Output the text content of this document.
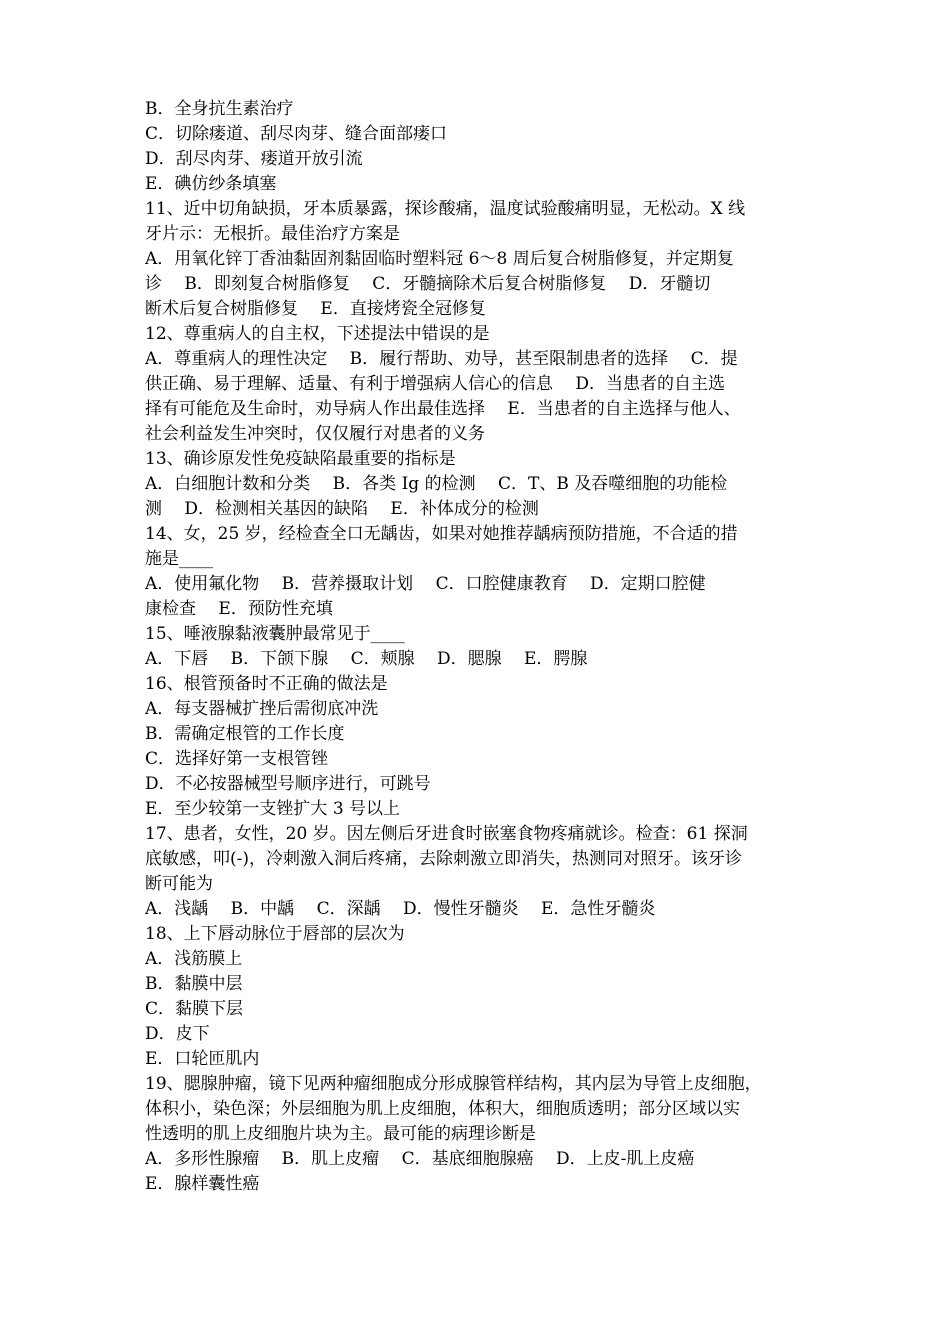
B．全身抗生素治疗
C．切除瘘道、刮尽肉芽、缝合面部瘘口
D．刮尽肉芽、瘘道开放引流
E．碘仿纱条填塞
11、近中切角缺损，牙本质暴露，探诊酸痛，温度试验酸痛明显，无松动。X 线
牙片示：无根折。最佳治疗方案是
A．用氧化锌丁香油黏固剂黏固临时塑料冠 6～8 周后复合树脂修复，并定期复
诊　 B．即刻复合树脂修复　 C．牙髓摘除术后复合树脂修复　 D．牙髓切
断术后复合树脂修复　 E．直接烤瓷全冠修复
12、尊重病人的自主权，下述提法中错误的是
A．尊重病人的理性决定　 B．履行帮助、劝导，甚至限制患者的选择　 C．提
供正确、易于理解、适量、有利于增强病人信心的信息　 D．当患者的自主选
择有可能危及生命时，劝导病人作出最佳选择　 E．当患者的自主选择与他人、
社会利益发生冲突时，仅仅履行对患者的义务
13、确诊原发性免疫缺陷最重要的指标是
A．白细胞计数和分类　 B．各类 Ig 的检测　 C．T、B 及吞噬细胞的功能检
测　 D．检测相关基因的缺陷　 E．补体成分的检测
14、女，25 岁，经检查全口无龋齿，如果对她推荐龋病预防措施，不合适的措
施是____
A．使用氟化物　 B．营养摄取计划　 C．口腔健康教育　 D．定期口腔健
康检查　 E．预防性充填
15、唾液腺黏液囊肿最常见于____
A．下唇　 B．下颌下腺　 C．颊腺　 D．腮腺　 E．腭腺
16、根管预备时不正确的做法是
A．每支器械扩挫后需彻底冲洗
B．需确定根管的工作长度
C．选择好第一支根管锉
D．不必按器械型号顺序进行，可跳号
E．至少较第一支锉扩大 3 号以上
17、患者，女性，20 岁。因左侧后牙进食时嵌塞食物疼痛就诊。检查：61 探洞
底敏感，叩(-)，冷刺激入洞后疼痛，去除刺激立即消失，热测同对照牙。该牙诊
断可能为
A．浅龋　 B．中龋　 C．深龋　 D．慢性牙髓炎　 E．急性牙髓炎
18、上下唇动脉位于唇部的层次为
A．浅筋膜上
B．黏膜中层
C．黏膜下层
D．皮下
E．口轮匝肌内
19、腮腺肿瘤，镜下见两种瘤细胞成分形成腺管样结构，其内层为导管上皮细胞，
体积小，染色深；外层细胞为肌上皮细胞，体积大，细胞质透明；部分区域以实
性透明的肌上皮细胞片块为主。最可能的病理诊断是
A．多形性腺瘤　 B．肌上皮瘤　 C．基底细胞腺癌　 D．上皮-肌上皮癌
E．腺样囊性癌
